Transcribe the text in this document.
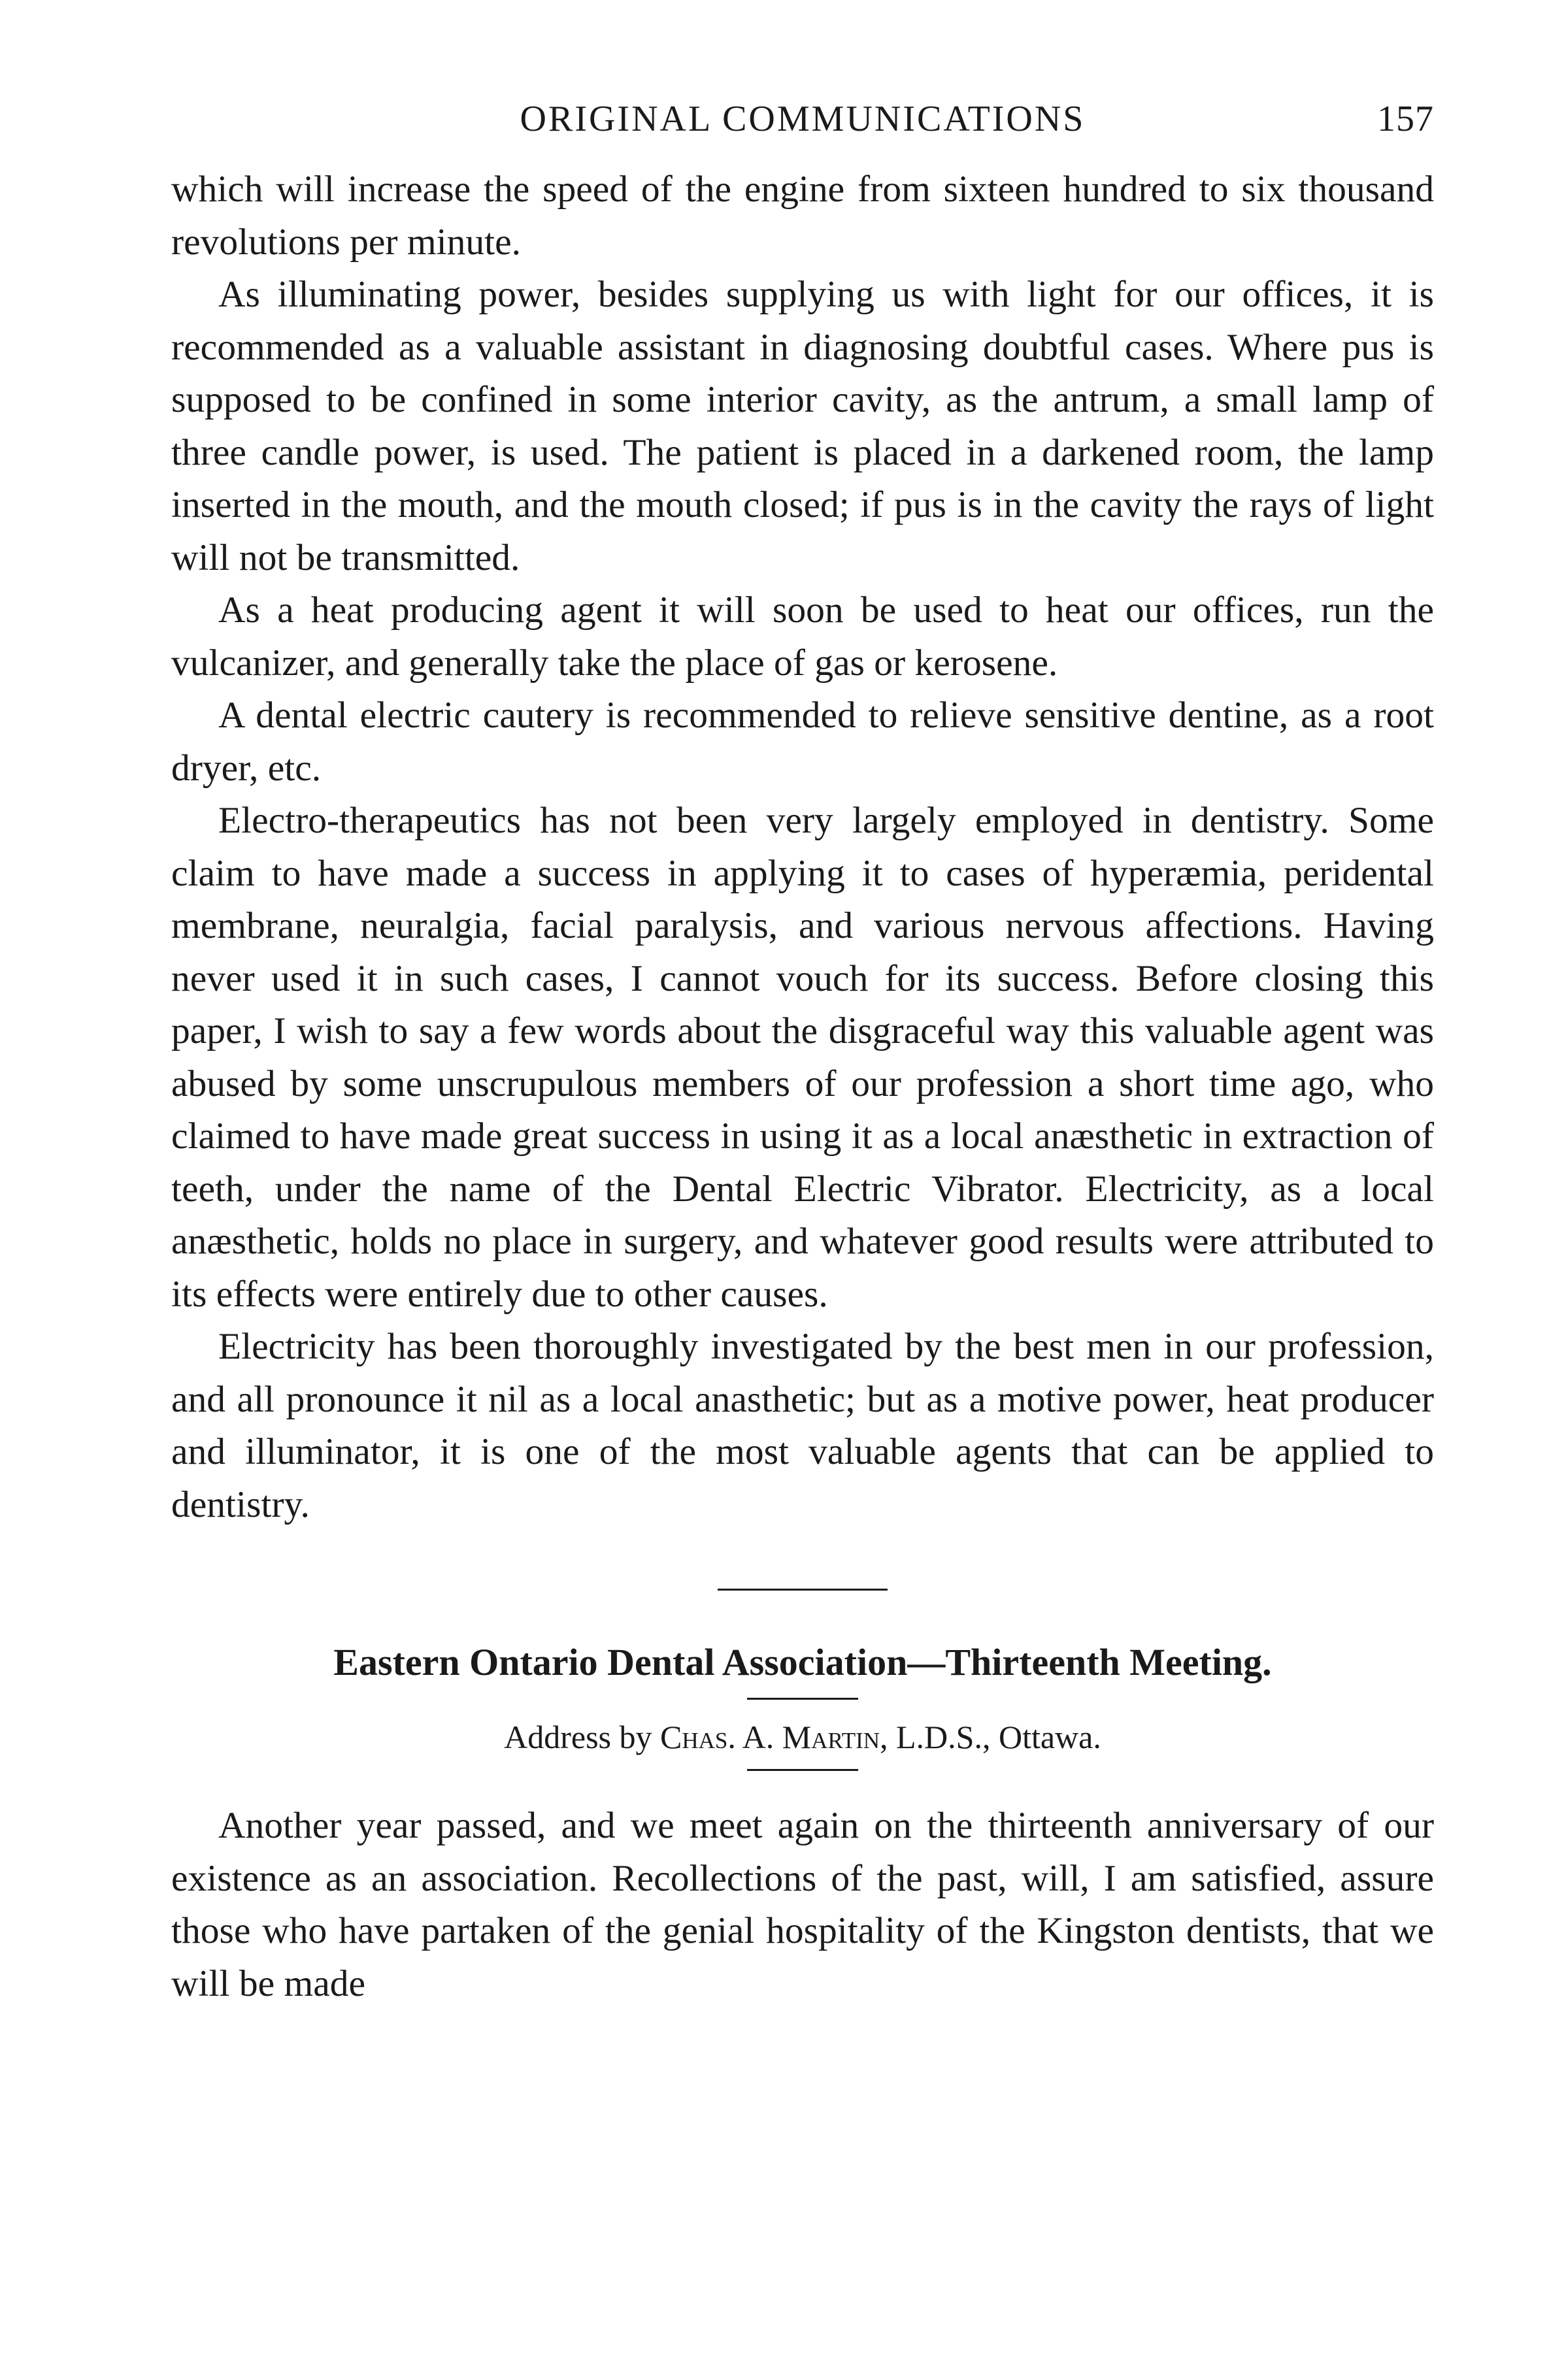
ORIGINAL COMMUNICATIONS	157

which will increase the speed of the engine from sixteen hundred to six thousand revolutions per minute.

As illuminating power, besides supplying us with light for our offices, it is recommended as a valuable assistant in diagnosing doubtful cases. Where pus is supposed to be confined in some interior cavity, as the antrum, a small lamp of three candle power, is used. The patient is placed in a darkened room, the lamp inserted in the mouth, and the mouth closed; if pus is in the cavity the rays of light will not be transmitted.

As a heat producing agent it will soon be used to heat our offices, run the vulcanizer, and generally take the place of gas or kerosene.

A dental electric cautery is recommended to relieve sensitive dentine, as a root dryer, etc.

Electro-therapeutics has not been very largely employed in dentistry. Some claim to have made a success in applying it to cases of hyperæmia, peridental membrane, neuralgia, facial paralysis, and various nervous affections. Having never used it in such cases, I cannot vouch for its success. Before closing this paper, I wish to say a few words about the disgraceful way this valuable agent was abused by some unscrupulous members of our profession a short time ago, who claimed to have made great success in using it as a local anæsthetic in extraction of teeth, under the name of the Dental Electric Vibrator. Electricity, as a local anæsthetic, holds no place in surgery, and whatever good results were attributed to its effects were entirely due to other causes.

Electricity has been thoroughly investigated by the best men in our profession, and all pronounce it nil as a local anasthetic; but as a motive power, heat producer and illuminator, it is one of the most valuable agents that can be applied to dentistry.

Eastern Ontario Dental Association—Thirteenth Meeting.
Address by Chas. A. Martin, L.D.S., Ottawa.

Another year passed, and we meet again on the thirteenth anniversary of our existence as an association. Recollections of the past, will, I am satisfied, assure those who have partaken of the genial hospitality of the Kingston dentists, that we will be made
